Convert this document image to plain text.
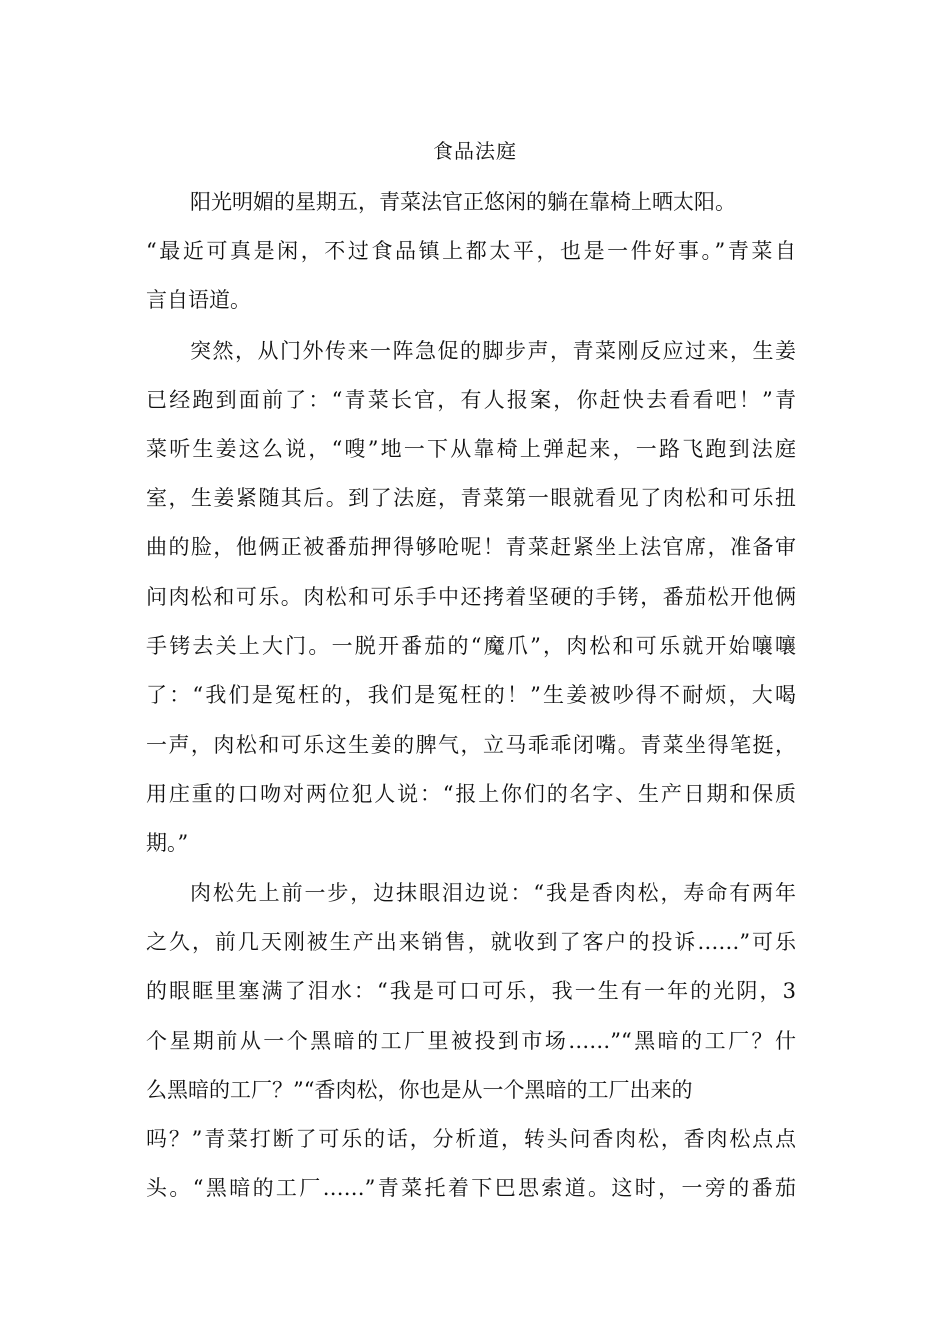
食品法庭
阳光明媚的星期五，青菜法官正悠闲的躺在靠椅上晒太阳。
“最近可真是闲，不过食品镇上都太平，也是一件好事。”青菜自
言自语道。
突然，从门外传来一阵急促的脚步声，青菜刚反应过来，生姜
已经跑到面前了：“青菜长官，有人报案，你赶快去看看吧！”青
菜听生姜这么说，“嗖”地一下从靠椅上弹起来，一路飞跑到法庭
室，生姜紧随其后。到了法庭，青菜第一眼就看见了肉松和可乐扭
曲的脸，他俩正被番茄押得够呛呢！青菜赶紧坐上法官席，准备审
问肉松和可乐。肉松和可乐手中还拷着坚硬的手铐，番茄松开他俩
手铐去关上大门。一脱开番茄的“魔爪”，肉松和可乐就开始嚷嚷
了：“我们是冤枉的，我们是冤枉的！”生姜被吵得不耐烦，大喝
一声，肉松和可乐这生姜的脾气，立马乖乖闭嘴。青菜坐得笔挺，
用庄重的口吻对两位犯人说：“报上你们的名字、生产日期和保质
期。”
肉松先上前一步，边抹眼泪边说：“我是香肉松，寿命有两年
之久，前几天刚被生产出来销售，就收到了客户的投诉……”可乐
的眼眶里塞满了泪水：“我是可口可乐，我一生有一年的光阴，3
个星期前从一个黑暗的工厂里被投到市场……”“黑暗的工厂？什
么黑暗的工厂？”“香肉松，你也是从一个黑暗的工厂出来的
吗？”青菜打断了可乐的话，分析道，转头问香肉松，香肉松点点
头。“黑暗的工厂……”青菜托着下巴思索道。这时，一旁的番茄
